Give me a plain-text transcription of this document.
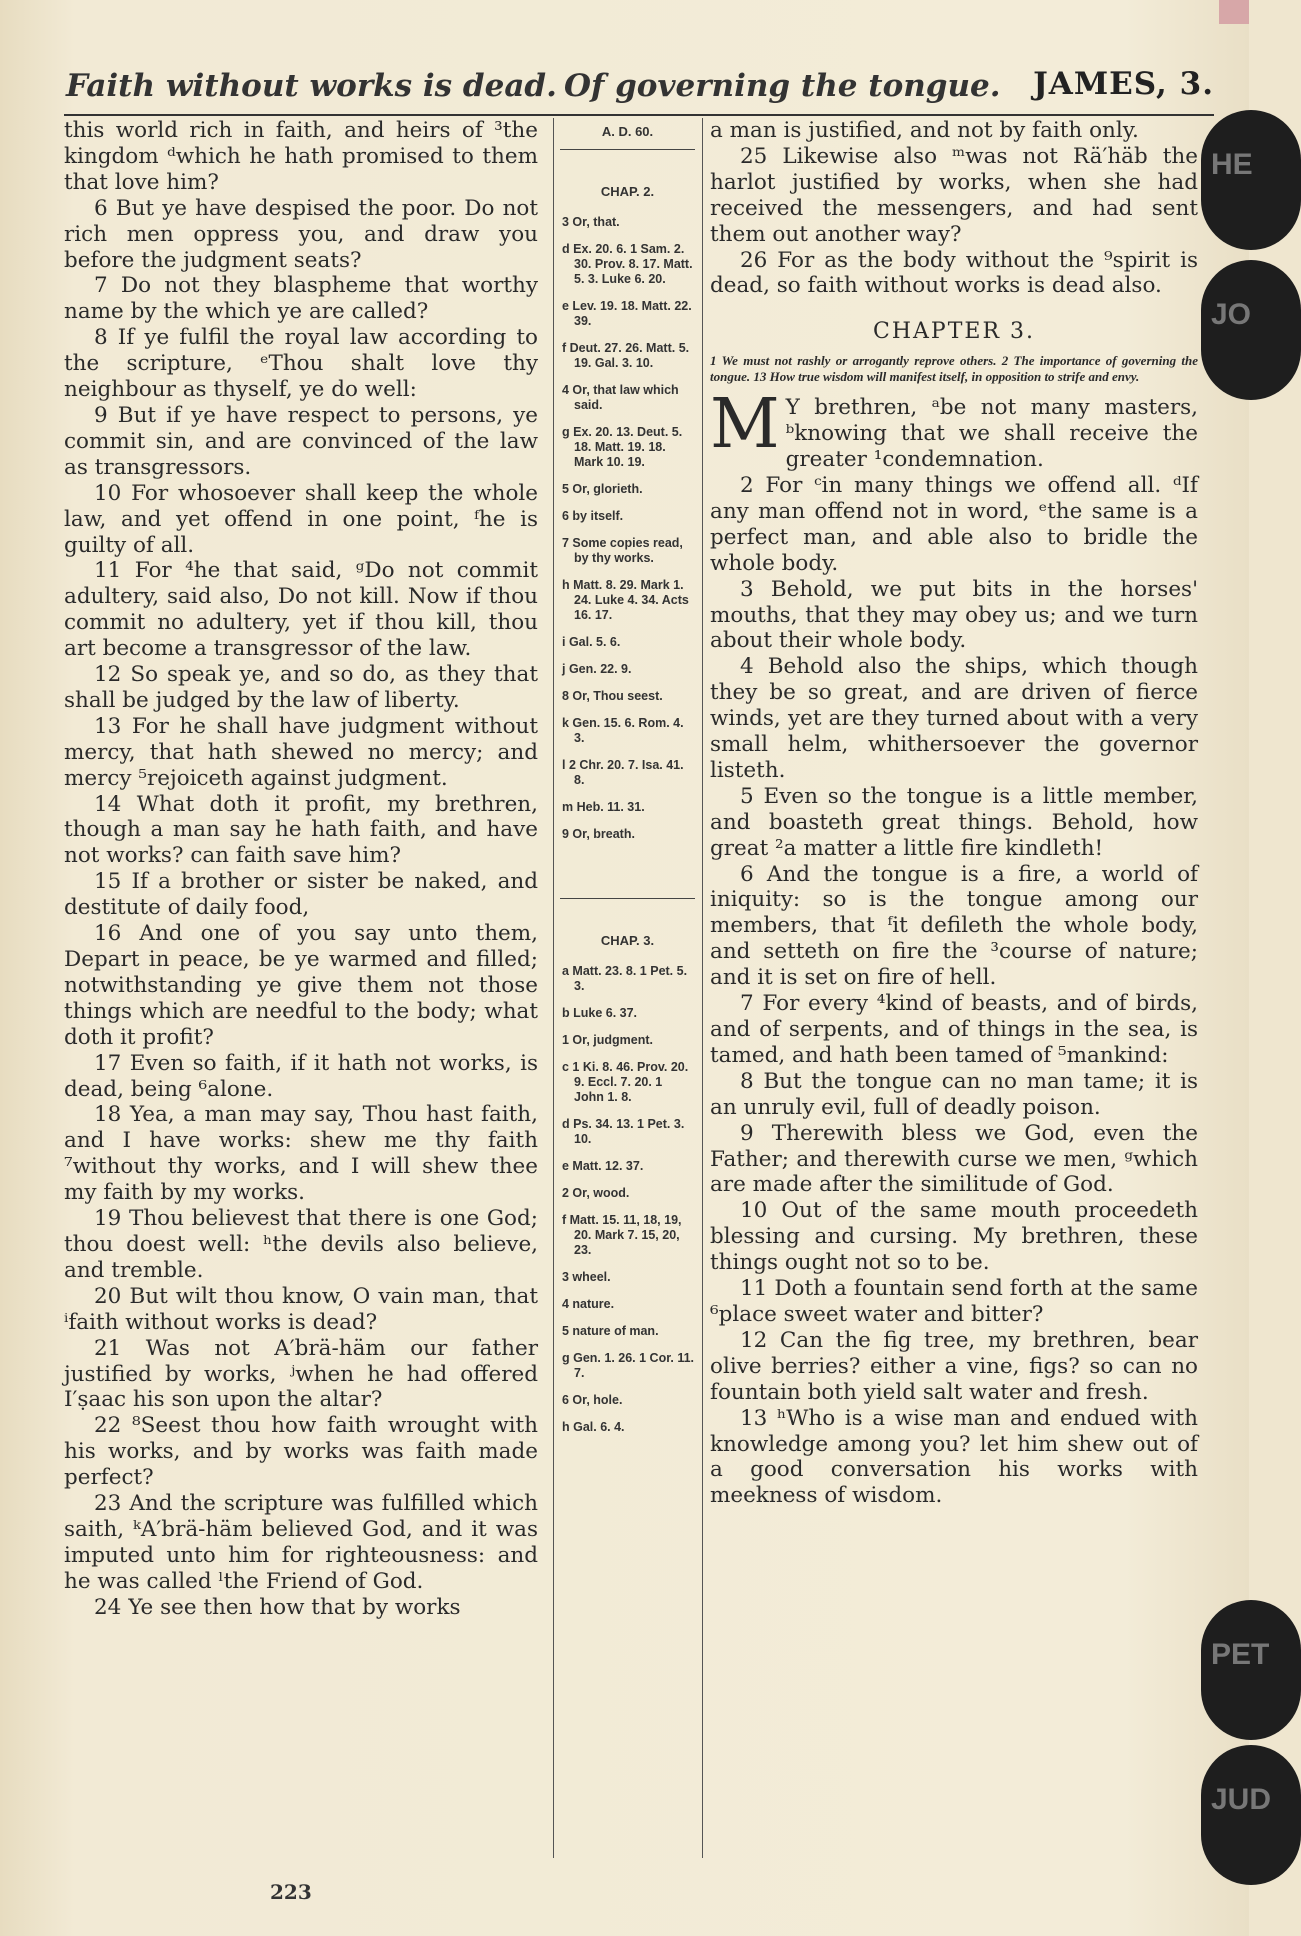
Faith without works is dead. Of governing the tongue. JAMES, 3.

this world rich in faith, and heirs of ³the kingdom ᵈwhich he hath promised to them that love him?

6 But ye have despised the poor. Do not rich men oppress you, and draw you before the judgment seats?

7 Do not they blaspheme that worthy name by the which ye are called?

8 If ye fulfil the royal law according to the scripture, ᵉThou shalt love thy neighbour as thyself, ye do well:

9 But if ye have respect to persons, ye commit sin, and are convinced of the law as transgressors.

10 For whosoever shall keep the whole law, and yet offend in one point, ᶠhe is guilty of all.

11 For ⁴he that said, ᵍDo not commit adultery, said also, Do not kill. Now if thou commit no adultery, yet if thou kill, thou art become a transgressor of the law.

12 So speak ye, and so do, as they that shall be judged by the law of liberty.

13 For he shall have judgment without mercy, that hath shewed no mercy; and mercy ⁵rejoiceth against judgment.

14 What doth it profit, my brethren, though a man say he hath faith, and have not works? can faith save him?

15 If a brother or sister be naked, and destitute of daily food,

16 And one of you say unto them, Depart in peace, be ye warmed and filled; notwithstanding ye give them not those things which are needful to the body; what doth it profit?

17 Even so faith, if it hath not works, is dead, being ⁶alone.

18 Yea, a man may say, Thou hast faith, and I have works: shew me thy faith ⁷without thy works, and I will shew thee my faith by my works.

19 Thou believest that there is one God; thou doest well: ʰthe devils also believe, and tremble.

20 But wilt thou know, O vain man, that ⁱfaith without works is dead?

21 Was not A′brä-häm our father justified by works, ʲwhen he had offered I′ṣaac his son upon the altar?

22 ⁸Seest thou how faith wrought with his works, and by works was faith made perfect?

23 And the scripture was fulfilled which saith, ᵏA′brä-häm believed God, and it was imputed unto him for righteousness: and he was called ˡthe Friend of God.

24 Ye see then how that by works

A. D. 60.
CHAP. 2.
3 Or, that.
d Ex. 20. 6. 1 Sam. 2. 30. Prov. 8. 17. Matt. 5. 3. Luke 6. 20.
e Lev. 19. 18. Matt. 22. 39.
f Deut. 27. 26. Matt. 5. 19. Gal. 3. 10.
4 Or, that law which said.
g Ex. 20. 13. Deut. 5. 18. Matt. 19. 18. Mark 10. 19.
5 Or, glorieth.
6 by itself.
7 Some copies read, by thy works.
h Matt. 8. 29. Mark 1. 24. Luke 4. 34. Acts 16. 17.
i Gal. 5. 6.
j Gen. 22. 9.
8 Or, Thou seest.
k Gen. 15. 6. Rom. 4. 3.
l 2 Chr. 20. 7. Isa. 41. 8.
m Heb. 11. 31.
9 Or, breath.
CHAP. 3.
a Matt. 23. 8. 1 Pet. 5. 3.
b Luke 6. 37.
1 Or, judgment.
c 1 Ki. 8. 46. Prov. 20. 9. Eccl. 7. 20. 1 John 1. 8.
d Ps. 34. 13. 1 Pet. 3. 10.
e Matt. 12. 37.
2 Or, wood.
f Matt. 15. 11, 18, 19, 20. Mark 7. 15, 20, 23.
3 wheel.
4 nature.
5 nature of man.
g Gen. 1. 26. 1 Cor. 11. 7.
6 Or, hole.
h Gal. 6. 4.

a man is justified, and not by faith only.

25 Likewise also ᵐwas not Rä′häb the harlot justified by works, when she had received the messengers, and had sent them out another way?

26 For as the body without the ⁹spirit is dead, so faith without works is dead also.

CHAPTER 3.
1 We must not rashly or arrogantly reprove others. 2 The importance of governing the tongue. 13 How true wisdom will manifest itself, in opposition to strife and envy.

M Y brethren, ᵃbe not many masters, ᵇknowing that we shall receive the greater ¹condemnation.

2 For ᶜin many things we offend all. ᵈIf any man offend not in word, ᵉthe same is a perfect man, and able also to bridle the whole body.

3 Behold, we put bits in the horses' mouths, that they may obey us; and we turn about their whole body.

4 Behold also the ships, which though they be so great, and are driven of fierce winds, yet are they turned about with a very small helm, whithersoever the governor listeth.

5 Even so the tongue is a little member, and boasteth great things. Behold, how great ²a matter a little fire kindleth!

6 And the tongue is a fire, a world of iniquity: so is the tongue among our members, that ᶠit defileth the whole body, and setteth on fire the ³course of nature; and it is set on fire of hell.

7 For every ⁴kind of beasts, and of birds, and of serpents, and of things in the sea, is tamed, and hath been tamed of ⁵mankind:

8 But the tongue can no man tame; it is an unruly evil, full of deadly poison.

9 Therewith bless we God, even the Father; and therewith curse we men, ᵍwhich are made after the similitude of God.

10 Out of the same mouth proceedeth blessing and cursing. My brethren, these things ought not so to be.

11 Doth a fountain send forth at the same ⁶place sweet water and bitter?

12 Can the fig tree, my brethren, bear olive berries? either a vine, figs? so can no fountain both yield salt water and fresh.

13 ʰWho is a wise man and endued with knowledge among you? let him shew out of a good conversation his works with meekness of wisdom.

223
HE
JO
PET
JUD
